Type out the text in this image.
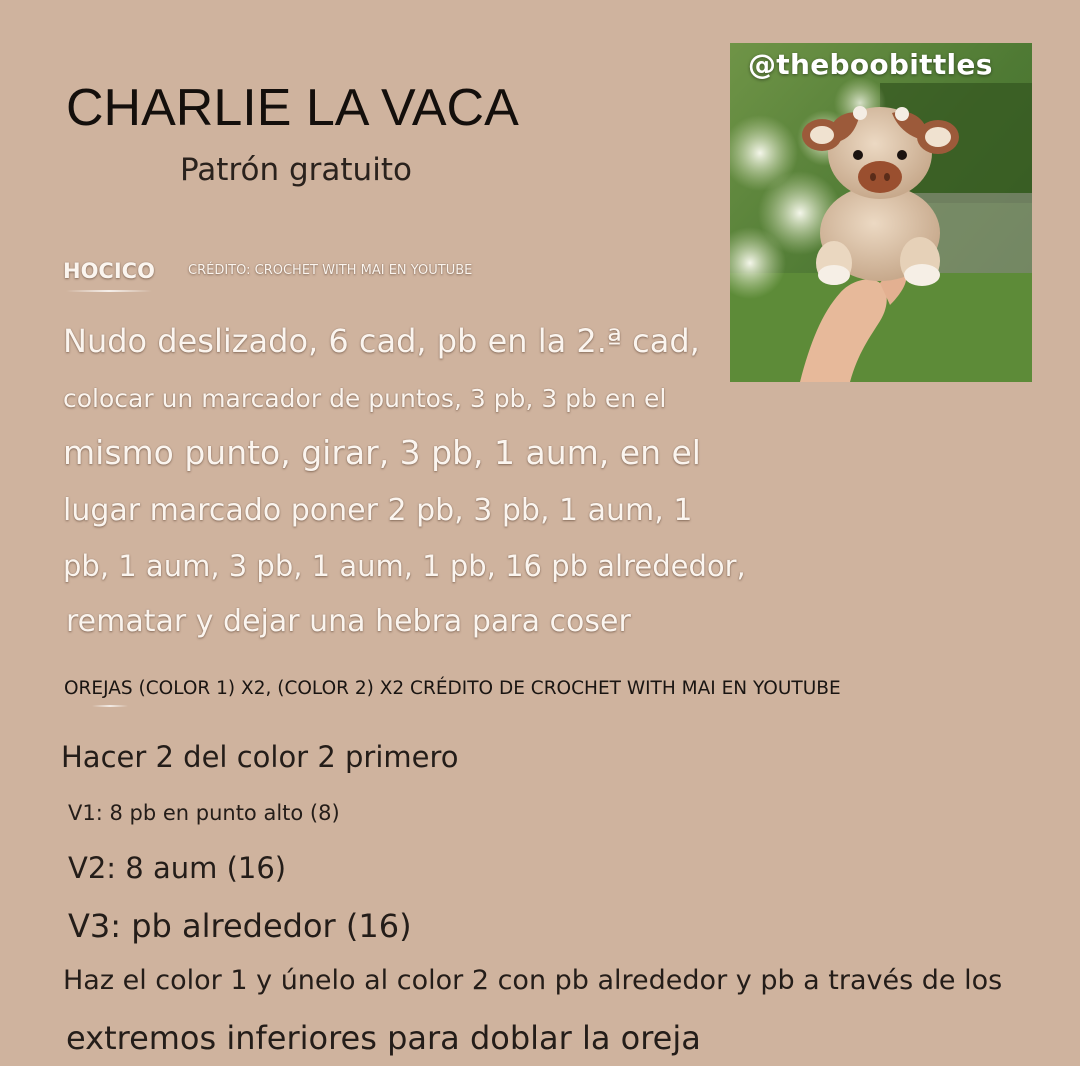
CHARLIE LA VACA
Patrón gratuito
@theboobittles
HOCICO	CRÉDITO: CROCHET WITH MAI EN YOUTUBE
Nudo deslizado, 6 cad, pb en la 2.ª cad,
colocar un marcador de puntos, 3 pb, 3 pb en el
mismo punto, girar, 3 pb, 1 aum, en el
lugar marcado poner 2 pb, 3 pb, 1 aum, 1
pb, 1 aum, 3 pb, 1 aum, 1 pb, 16 pb alrededor,
rematar y dejar una hebra para coser
OREJAS (COLOR 1) X2, (COLOR 2) X2 CRÉDITO DE CROCHET WITH MAI EN YOUTUBE
Hacer 2 del color 2 primero
V1: 8 pb en punto alto (8)
V2: 8 aum (16)
V3: pb alrededor (16)
Haz el color 1 y únelo al color 2 con pb alrededor y pb a través de los
extremos inferiores para doblar la oreja
